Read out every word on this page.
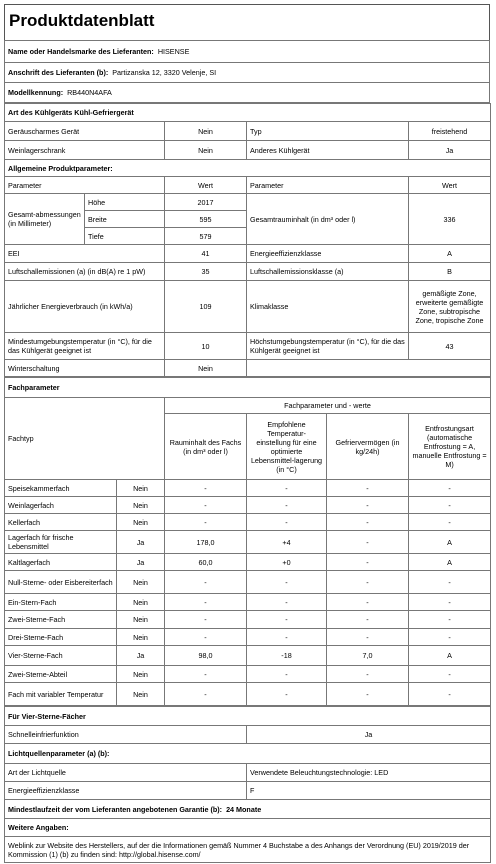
Produktdatenblatt
Name oder Handelsmarke des Lieferanten: HISENSE
Anschrift des Lieferanten (b): Partizanska 12, 3320 Velenje, SI
Modellkennung: RB440N4AFA
Art des Kühlgeräts Kühl-Gefriergerät				
Geräuscharmes Gerät		Nein	Typ	freistehend
Weinlagerschrank		Nein	Anderes Kühlgerät	Ja
Allgemeine Produktparameter:				
Parameter		Wert	Parameter	Wert
Gesamt-abmessungen (in Millimeter)	Höhe	2017	Gesamtrauminhalt (in dm³ oder l)	336
	Breite	595		
	Tiefe	579		
EEI		41	Energieeffizienzklasse	A
Luftschallemissionen (a) (in dB(A) re 1 pW)		35	Luftschallemissionsklasse (a)	B
Jährlicher Energieverbrauch (in kWh/a)		109	Klimaklasse	gemäßigte Zone, erweiterte gemäßigte Zone, subtropische Zone, tropische Zone
Mindestumgebungstemperatur (in °C), für die das Kühlgerät geeignet ist		10	Höchstumgebungstemperatur (in °C), für die das Kühlgerät geeignet ist	43
Winterschaltung		Nein		
Fachparameter					
Fachtyp		Fachparameter und - werte			
		Rauminhalt des Fachs (in dm³ oder l)	Empfohlene Temperatur-einstellung für eine optimierte Lebensmittel-lagerung (in °C)	Gefriervermögen (in kg/24h)	Entfrostungsart (automatische Entfrostung = A, manuelle Entfrostung = M)
Speisekammerfach	Nein	-	-	-	-
Weinlagerfach	Nein	-	-	-	-
Kellerfach	Nein	-	-	-	-
Lagerfach für frische Lebensmittel	Ja	178,0	+4	-	A
Kaltlagerfach	Ja	60,0	+0	-	A
Null-Sterne- oder Eisbereiterfach	Nein	-	-	-	-
Ein-Stern-Fach	Nein	-	-	-	-
Zwei-Sterne-Fach	Nein	-	-	-	-
Drei-Sterne-Fach	Nein	-	-	-	-
Vier-Sterne-Fach	Ja	98,0	-18	7,0	A
Zwei-Sterne-Abteil	Nein	-	-	-	-
Fach mit variabler Temperatur	Nein	-	-	-	-
Für Vier-Sterne-Fächer	
Schnelleinfrierfunktion	Ja
Lichtquellenparameter (a) (b):	
Art der Lichtquelle	Verwendete Beleuchtungstechnologie: LED
Energieeffizienzklasse	F
Mindestlaufzeit der vom Lieferanten angebotenen Garantie (b): 24 Monate	
Weitere Angaben:	
Weblink zur Website des Herstellers, auf der die Informationen gemäß Nummer 4 Buchstabe a des Anhangs der Verordnung (EU) 2019/2019 der Kommission (1) (b) zu finden sind: http://global.hisense.com/	
